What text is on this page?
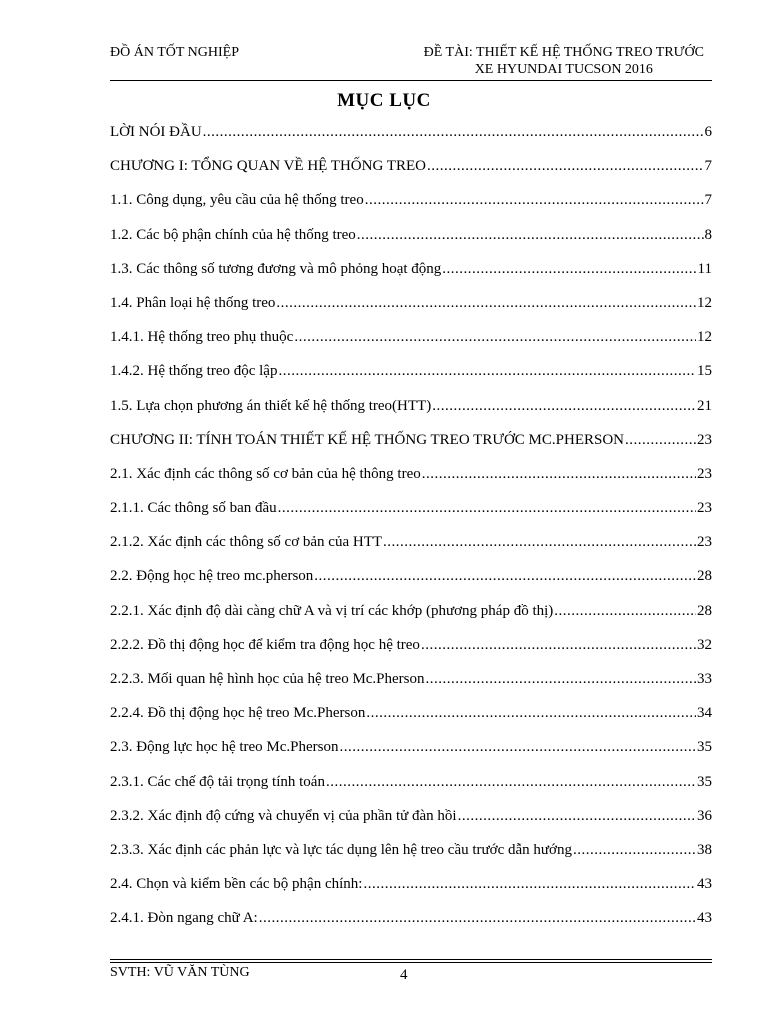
ĐỒ ÁN TỐT NGHIỆP	ĐỀ TÀI: THIẾT KẾ HỆ THỐNG TREO TRƯỚC
XE HYUNDAI TUCSON 2016
MỤC LỤC
LỜI NÓI ĐẦU .....	6
CHƯƠNG I: TỔNG QUAN VỀ HỆ THỐNG TREO .....	7
1.1. Công dụng, yêu cầu của hệ thống treo .....	7
1.2. Các bộ phận chính của hệ thống treo .....	8
1.3. Các thông số tương đương và mô phỏng hoạt động .....	11
1.4. Phân loại hệ thống treo .....	12
1.4.1. Hệ thống treo phụ thuộc .....	12
1.4.2. Hệ thống treo độc lập .....	15
1.5. Lựa chọn phương án thiết kế hệ thống treo(HTT) .....	21
CHƯƠNG II: TÍNH TOÁN THIẾT KẾ HỆ THỐNG TREO TRƯỚC MC.PHERSON .....	23
2.1. Xác định các thông số cơ bản của hệ thông treo .....	23
2.1.1. Các thông số ban đầu .....	23
2.1.2. Xác định các thông số cơ bản của HTT .....	23
2.2. Động học hệ treo mc.pherson .....	28
2.2.1. Xác định độ dài càng chữ A và vị trí các khớp (phương pháp đồ thị) .....	28
2.2.2. Đồ thị động học để kiểm tra động học hệ treo .....	32
2.2.3. Mối quan hệ hình học của hệ treo Mc.Pherson .....	33
2.2.4. Đồ thị động học hệ treo Mc.Pherson .....	34
2.3. Động lực học hệ treo Mc.Pherson .....	35
2.3.1. Các chế độ tải trọng tính toán .....	35
2.3.2. Xác định độ cứng và chuyển vị của phần tử đàn hồi .....	36
2.3.3. Xác định các phản lực và lực tác dụng lên hệ treo cầu trước dẫn hướng .....	38
2.4. Chọn và kiểm bền các bộ phận chính: .....	43
2.4.1. Đòn ngang chữ A: .....	43
SVTH: VŨ VĂN TÙNG	4
